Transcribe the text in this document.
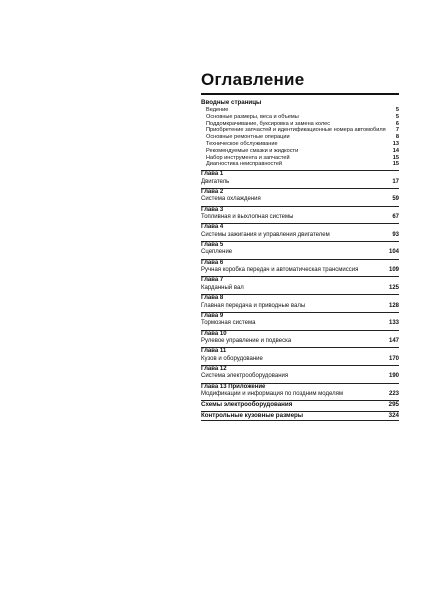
Оглавление
Вводные страницы
Ведение	5
Основные размеры, веса и объемы	5
Поддомкрачивание, буксировка и замена колес	6
Приобретение запчастей и идентификационные номера автомобиля	7
Основные ремонтные операции	8
Техническое обслуживание	13
Рекомендуемые смазки и жидкости	14
Набор инструмента и запчастей	15
Диагностика неисправностей	15
Глава 1
Двигатель	17
Глава 2
Система охлаждения	59
Глава 3
Топливная и выхлопная системы	67
Глава 4
Системы зажигания и управления двигателем	93
Глава 5
Сцепление	104
Глава 6
Ручная коробка передач и автоматическая трансмиссия	109
Глава 7
Карданный вал	125
Глава 8
Главная передача и приводные валы	128
Глава 9
Тормозная система	133
Глава 10
Рулевое управление и подвеска	147
Глава 11
Кузов и оборудование	170
Глава 12
Система электрооборудования	190
Глава 13 Приложение
Модификации и информация по поздним моделям	223
Схемы электрооборудования	295
Контрольные кузовные размеры	324
